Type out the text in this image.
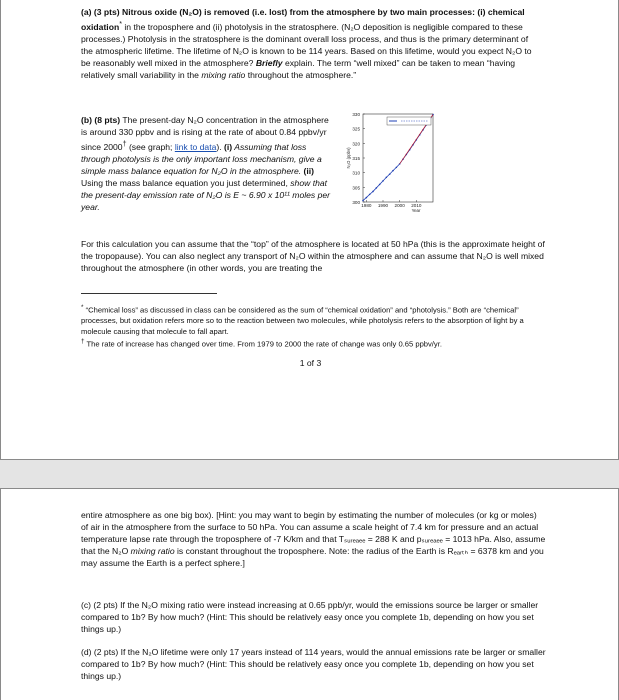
(a) (3 pts) Nitrous oxide (N₂O) is removed (i.e. lost) from the atmosphere by two main processes: (i) chemical oxidation* in the troposphere and (ii) photolysis in the stratosphere. (N₂O deposition is negligible compared to these processes.) Photolysis in the stratosphere is the dominant overall loss process, and thus is the primary determinant of the atmospheric lifetime. The lifetime of N₂O is known to be 114 years. Based on this lifetime, would you expect N₂O to be reasonably well mixed in the atmosphere? Briefly explain. The term “well mixed” can be taken to mean “having relatively small variability in the mixing ratio throughout the atmosphere.”

(b) (8 pts) The present-day N₂O concentration in the atmosphere is around 330 ppbv and is rising at the rate of about 0.84 ppbv/yr since 2000† (see graph; link to data). (i) Assuming that loss through photolysis is the only important loss mechanism, give a simple mass balance equation for N₂O in the atmosphere. (ii) Using the mass balance equation you just determined, show that the present-day emission rate of N₂O is E ~ 6.90 x 10¹¹ moles per year.

For this calculation you can assume that the “top” of the atmosphere is located at 50 hPa (this is the approximate height of the tropopause). You can also neglect any transport of N₂O within the atmosphere and can assume that N₂O is well mixed throughout the atmosphere (in other words, you are treating the

300
305
310
315
320
325
330
1980 1990 2000 2010
Year
N₂O (ppbv)

* “Chemical loss” as discussed in class can be considered as the sum of “chemical oxidation” and “photolysis.” Both are “chemical” processes, but oxidation refers more so to the reaction between two molecules, while photolysis refers to the absorption of light by a molecule causing that molecule to fall apart.
† The rate of increase has changed over time. From 1979 to 2000 the rate of change was only 0.65 ppbv/yr.

1 of 3

entire atmosphere as one big box). [Hint: you may want to begin by estimating the number of molecules (or kg or moles) of air in the atmosphere from the surface to 50 hPa. You can assume a scale height of 7.4 km for pressure and an actual temperature lapse rate through the troposphere of -7 K/km and that Tₛᵤᵣₑₐₑₑ = 288 K and pₛᵤᵣₑₐₑₑ = 1013 hPa. Also, assume that the N₂O mixing ratio is constant throughout the troposphere. Note: the radius of the Earth is Rₑₐᵣₜₕ = 6378 km and you may assume the Earth is a perfect sphere.]

(c) (2 pts) If the N₂O mixing ratio were instead increasing at 0.65 ppb/yr, would the emissions source be larger or smaller compared to 1b? By how much? (Hint: This should be relatively easy once you complete 1b, depending on how you set things up.)

(d) (2 pts) If the N₂O lifetime were only 17 years instead of 114 years, would the annual emissions rate be larger or smaller compared to 1b? By how much? (Hint: This should be relatively easy once you complete 1b, depending on how you set things up.)
